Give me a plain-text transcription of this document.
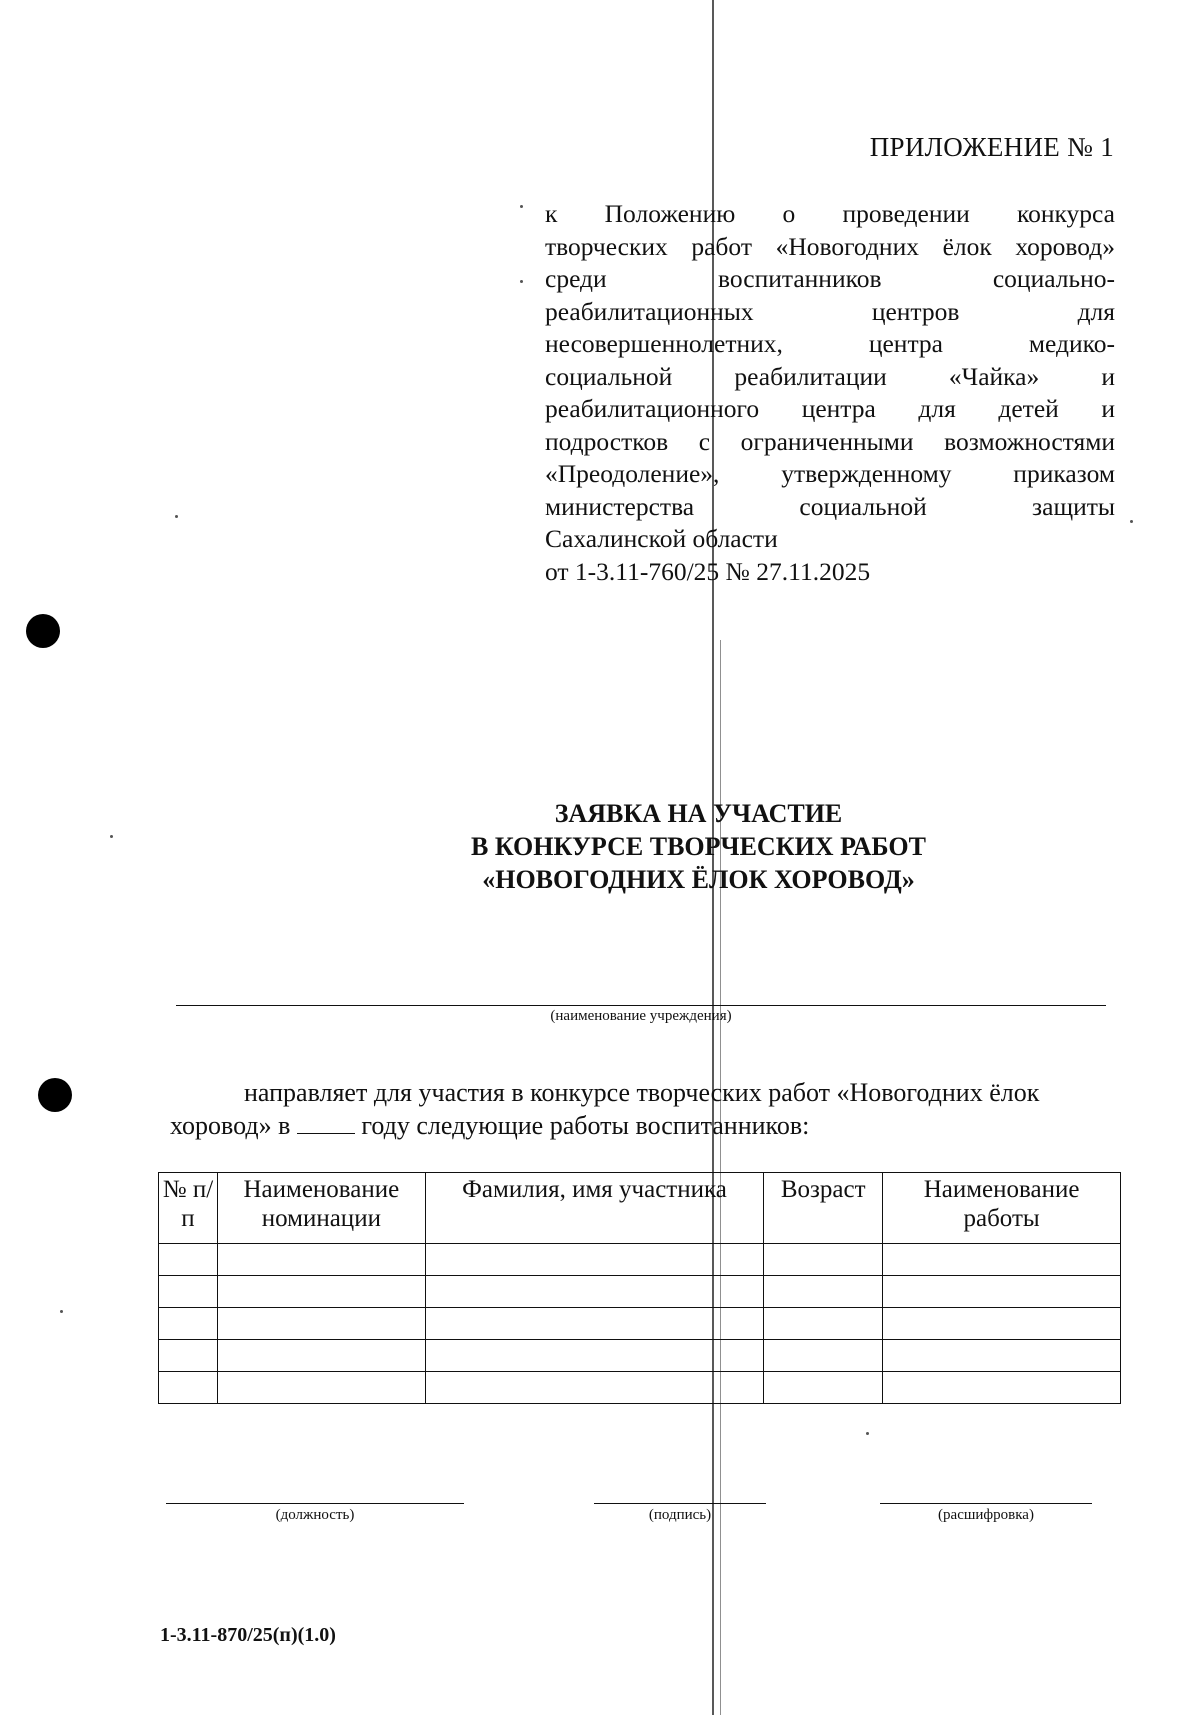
ПРИЛОЖЕНИЕ № 1
к Положению о проведении конкурса
творческих работ «Новогодних ёлок хоровод»
среди воспитанников социально-
реабилитационных центров для
несовершеннолетних, центра медико-
социальной реабилитации «Чайка» и
реабилитационного центра для детей и
подростков с ограниченными возможностями
«Преодоление», утвержденному приказом
министерства социальной защиты
Сахалинской области
от 1-3.11-760/25 № 27.11.2025
ЗАЯВКА НА УЧАСТИЕ
В КОНКУРСЕ ТВОРЧЕСКИХ РАБОТ
«НОВОГОДНИХ ЁЛОК ХОРОВОД»
(наименование учреждения)
направляет для участия в конкурсе творческих работ «Новогодних ёлок
хоровод» в	году следующие работы воспитанников:
№ п/п	Наименование номинации	Фамилия, имя участника	Возраст	Наименование работы

(должность)	(подпись)	(расшифровка)
1-3.11-870/25(п)(1.0)
